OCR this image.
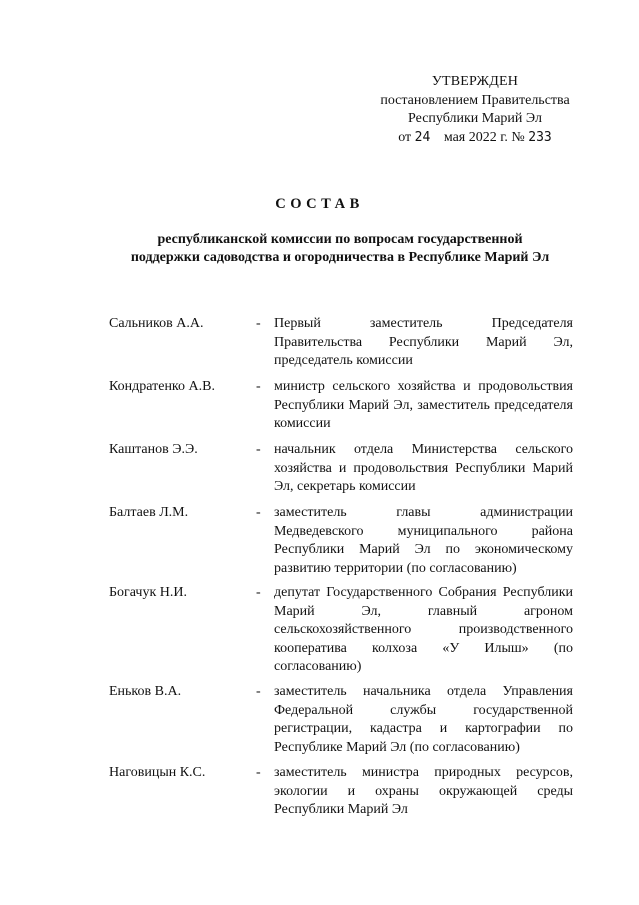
УТВЕРЖДЕН
постановлением Правительства
Республики Марий Эл
от 24 мая 2022 г. № 233
СОСТАВ
республиканской комиссии по вопросам государственной
поддержки садоводства и огородничества в Республике Марий Эл
Сальников А.А.	- Первый заместитель Председателя Правительства Республики Марий Эл, председатель комиссии
Кондратенко А.В.	- министр сельского хозяйства и продовольствия Республики Марий Эл, заместитель председателя комиссии
Каштанов Э.Э.	- начальник отдела Министерства сельского хозяйства и продовольствия Республики Марий Эл, секретарь комиссии
Балтаев Л.М.	- заместитель главы администрации Медведевского муниципального района Республики Марий Эл по экономическому развитию территории (по согласованию)
Богачук Н.И.	- депутат Государственного Собрания Республики Марий Эл, главный агроном сельскохозяйственного производственного кооператива колхоза «У Илыш» (по согласованию)
Еньков В.А.	- заместитель начальника отдела Управления Федеральной службы государственной регистрации, кадастра и картографии по Республике Марий Эл (по согласованию)
Наговицын К.С.	- заместитель министра природных ресурсов, экологии и охраны окружающей среды Республики Марий Эл
